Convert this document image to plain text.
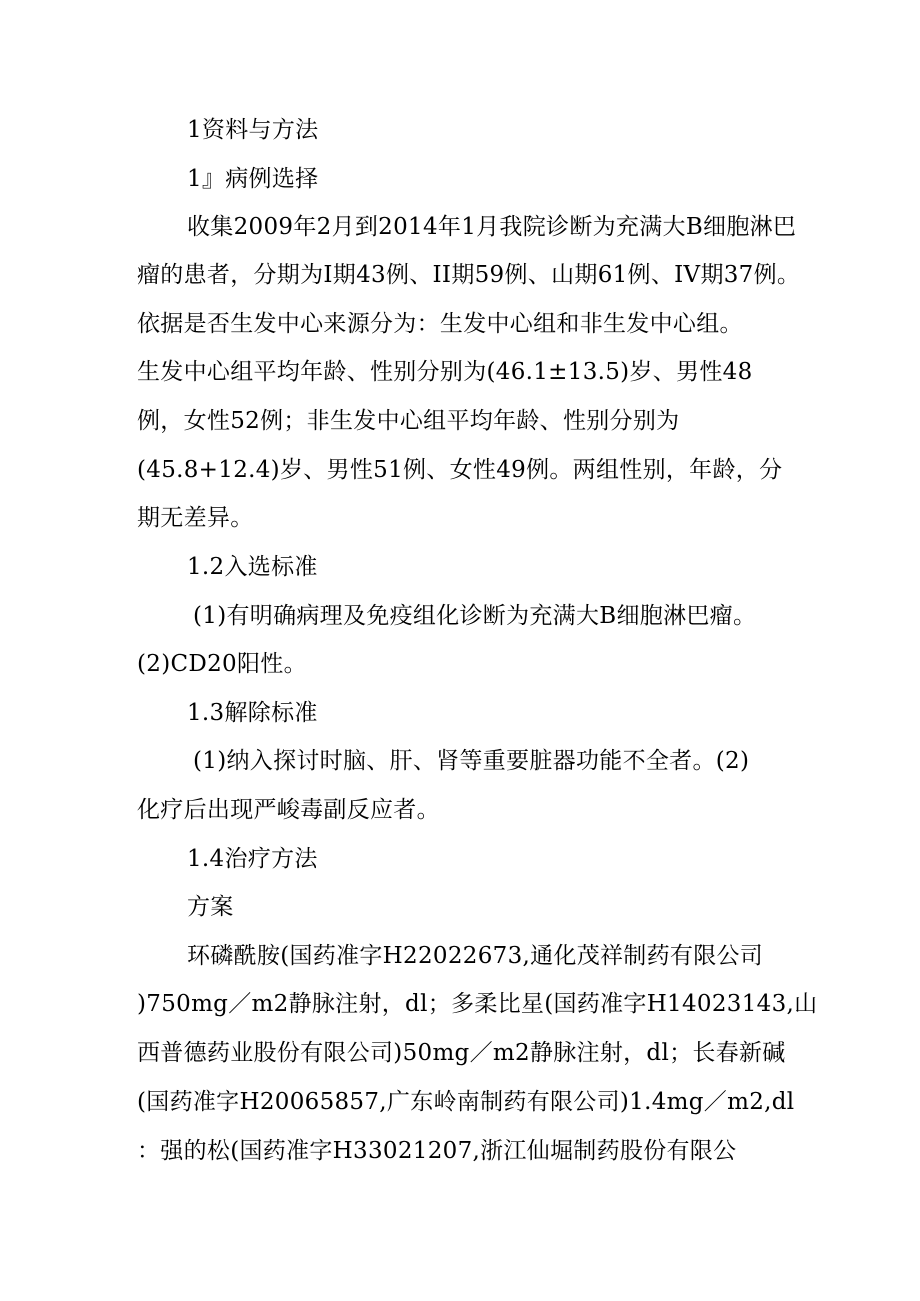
1资料与方法
1』病例选择
收集2009年2月到2014年1月我院诊断为充满大B细胞淋巴
瘤的患者，分期为I期43例、II期59例、山期61例、IV期37例。
依据是否生发中心来源分为：生发中心组和非生发中心组。
生发中心组平均年龄、性别分别为(46.1±13.5)岁、男性48
例，女性52例；非生发中心组平均年龄、性别分别为
(45.8+12.4)岁、男性51例、女性49例。两组性别，年龄，分
期无差异。
1.2入选标准
(1)有明确病理及免疫组化诊断为充满大B细胞淋巴瘤。
(2)CD20阳性。
1.3解除标准
(1)纳入探讨时脑、肝、肾等重要脏器功能不全者。(2)
化疗后出现严峻毒副反应者。
1.4治疗方法
方案
环磷酰胺(国药准字H22022673,通化茂祥制药有限公司
)750mg／m2静脉注射，dl；多柔比星(国药准字H14023143,山
西普德药业股份有限公司)50mg／m2静脉注射，dl；长春新碱
(国药准字H20065857,广东岭南制药有限公司)1.4mg／m2,dl
：强的松(国药准字H33021207,浙江仙堀制药股份有限公
